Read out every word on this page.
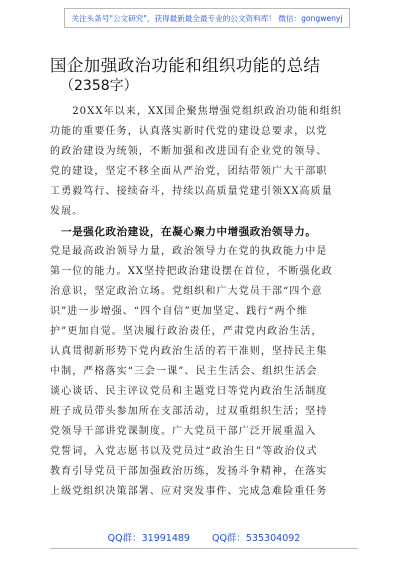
关注头条号"公文研究"，获得最新最全最专业的公文资料库！ 微信：gongwenyj
国企加强政治功能和组织功能的总结
（2358字）
　　20XX年以来，XX国企聚焦增强党组织政治功能和组织
功能的重要任务，认真落实新时代党的建设总要求，以党
的政治建设为统领，不断加强和改进国有企业党的领导、
党的建设，坚定不移全面从严治党，团结带领广大干部职
工勇毅笃行、接续奋斗，持续以高质量党建引领XX高质量
发展。
　一是强化政治建设，在凝心聚力中增强政治领导力。
党是最高政治领导力量，政治领导力在党的执政能力中是
第一位的能力。XX坚持把政治建设摆在首位，不断强化政
治意识，坚定政治立场。党组织和广大党员干部“四个意
识”进一步增强、“四个自信”更加坚定、践行“两个维
护”更加自觉。坚决履行政治责任，严肃党内政治生活，
认真贯彻新形势下党内政治生活的若干准则，坚持民主集
中制，严格落实“三会一课”、民主生活会、组织生活会
谈心谈话、民主评议党员和主题党日等党内政治生活制度
班子成员带头参加所在支部活动，过双重组织生活；坚持
党领导干部讲党课制度。广大党员干部广泛开展重温入
党誓词，入党志愿书以及党员过“政治生日”等政治仪式
教育引导党员干部加强政治历练，发扬斗争精神，在落实
上级党组织决策部署、应对突发事件、完成急难险重任务
QQ群：31991489 QQ群：535304092
